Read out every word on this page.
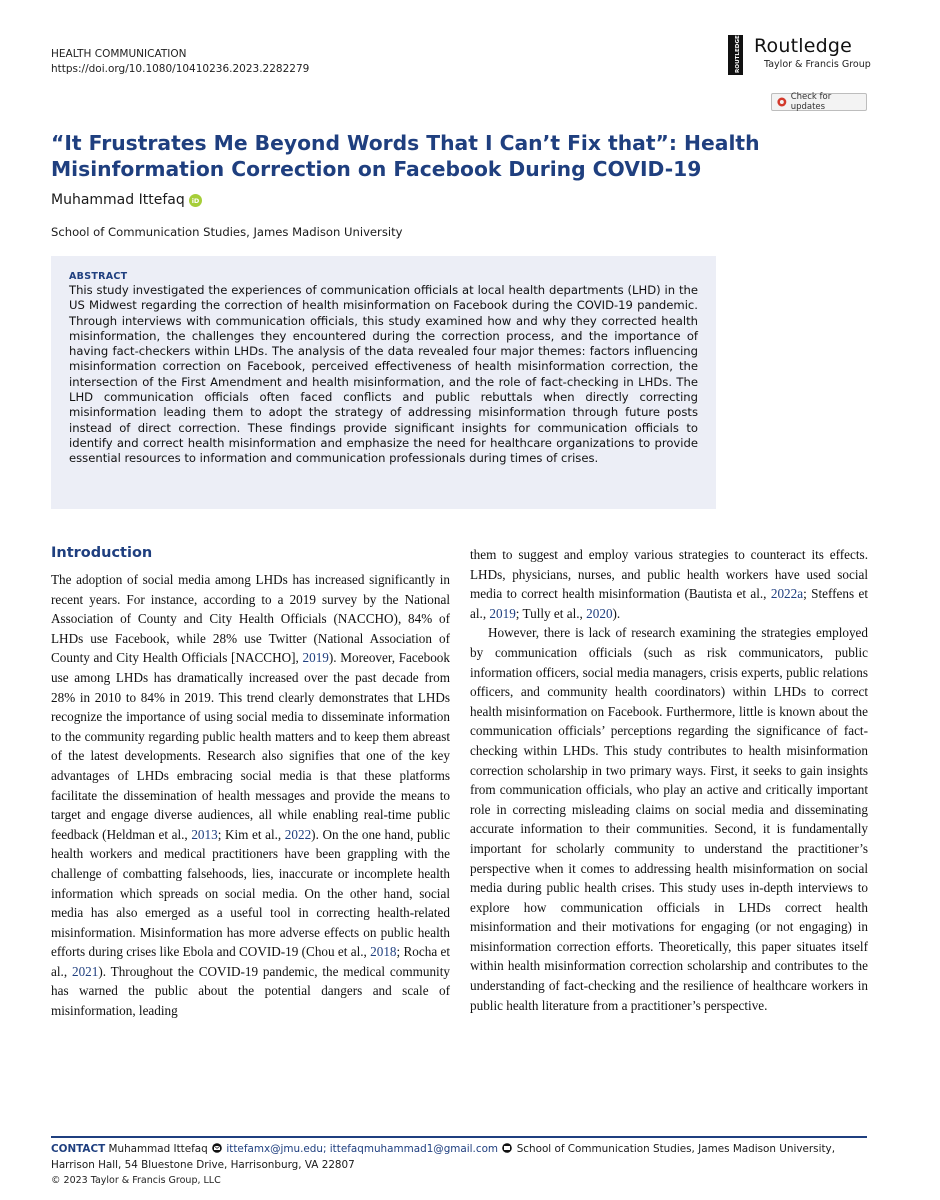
HEALTH COMMUNICATION
https://doi.org/10.1080/10410236.2023.2282279	ROUTLEDGE Routledge
Taylor & Francis Group
Check for updates
“It Frustrates Me Beyond Words That I Can’t Fix that”: Health Misinformation Correction on Facebook During COVID-19
Muhammad Ittefaq iD
School of Communication Studies, James Madison University
ABSTRACT
This study investigated the experiences of communication officials at local health departments (LHD) in the US Midwest regarding the correction of health misinformation on Facebook during the COVID-19 pandemic. Through interviews with communication officials, this study examined how and why they corrected health misinformation, the challenges they encountered during the correction process, and the importance of having fact-checkers within LHDs. The analysis of the data revealed four major themes: factors influencing misinformation correction on Facebook, perceived effectiveness of health misinformation correction, the intersection of the First Amendment and health misinformation, and the role of fact-checking in LHDs. The LHD communication officials often faced conflicts and public rebuttals when directly correcting misinformation leading them to adopt the strategy of addressing misinformation through future posts instead of direct correction. These findings provide significant insights for communication officials to identify and correct health misinformation and emphasize the need for healthcare organizations to provide essential resources to information and communication professionals during times of crises.
Introduction

The adoption of social media among LHDs has increased significantly in recent years. For instance, according to a 2019 survey by the National Association of County and City Health Officials (NACCHO), 84% of LHDs use Facebook, while 28% use Twitter (National Association of County and City Health Officials [NACCHO], 2019). Moreover, Facebook use among LHDs has dramatically increased over the past decade from 28% in 2010 to 84% in 2019. This trend clearly demonstrates that LHDs recognize the importance of using social media to disseminate information to the community regarding public health matters and to keep them abreast of the latest developments. Research also signifies that one of the key advantages of LHDs embracing social media is that these platforms facilitate the dissemination of health messages and provide the means to target and engage diverse audiences, all while enabling real-time public feedback (Heldman et al., 2013; Kim et al., 2022). On the one hand, public health workers and medical practitioners have been grappling with the challenge of combatting falsehoods, lies, inaccurate or incomplete health information which spreads on social media. On the other hand, social media has also emerged as a useful tool in correcting health-related misinformation. Misinformation has more adverse effects on public health efforts during crises like Ebola and COVID-19 (Chou et al., 2018; Rocha et al., 2021). Throughout the COVID-19 pandemic, the medical community has warned the public about the potential dangers and scale of misinformation, leading

them to suggest and employ various strategies to counteract its effects. LHDs, physicians, nurses, and public health workers have used social media to correct health misinformation (Bautista et al., 2022a; Steffens et al., 2019; Tully et al., 2020).

However, there is lack of research examining the strategies employed by communication officials (such as risk communicators, public information officers, social media managers, crisis experts, public relations officers, and community health coordinators) within LHDs to correct health misinformation on Facebook. Furthermore, little is known about the communication officials’ perceptions regarding the significance of fact-checking within LHDs. This study contributes to health misinformation correction scholarship in two primary ways. First, it seeks to gain insights from communication officials, who play an active and critically important role in correcting misleading claims on social media and disseminating accurate information to their communities. Second, it is fundamentally important for scholarly community to understand the practitioner’s perspective when it comes to addressing health misinformation on social media during public health crises. This study uses in-depth interviews to explore how communication officials in LHDs correct health misinformation and their motivations for engaging (or not engaging) in misinformation correction efforts. Theoretically, this paper situates itself within health misinformation correction scholarship and contributes to the understanding of fact-checking and the resilience of healthcare workers in public health literature from a practitioner’s perspective.

CONTACT Muhammad Ittefaq ittefamx@jmu.edu; ittefaqmuhammad1@gmail.com School of Communication Studies, James Madison University, Harrison Hall, 54 Bluestone Drive, Harrisonburg, VA 22807
© 2023 Taylor & Francis Group, LLC
